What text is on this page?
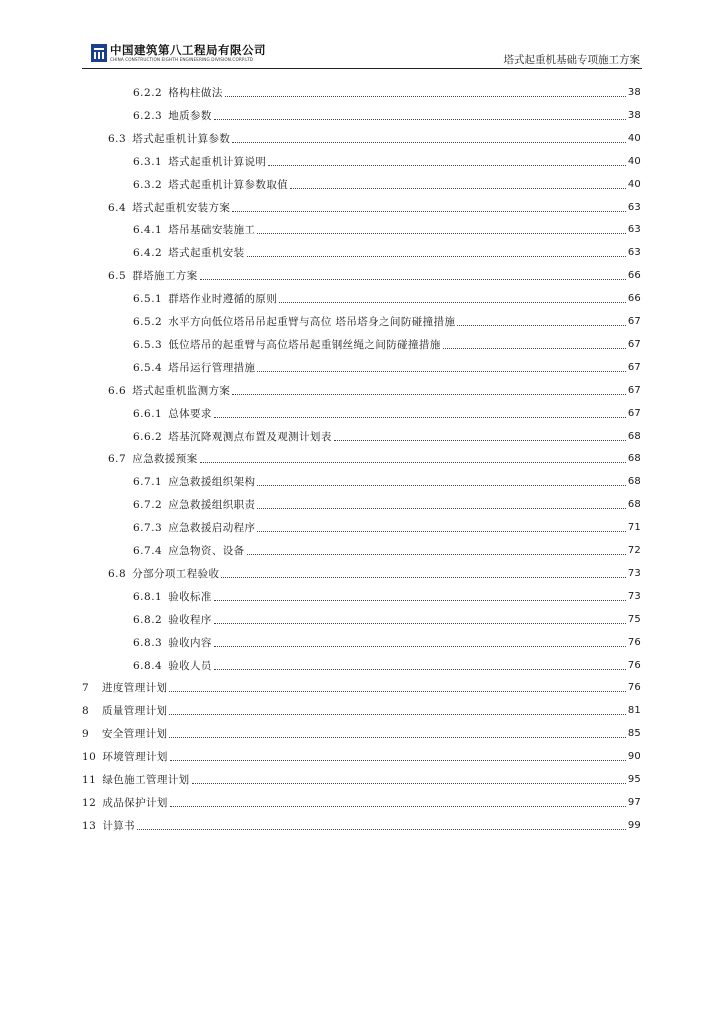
中国建筑第八工程局有限公司
CHINA CONSTRUCTION EIGHTH ENGINEERING DIVISION.CORP.LTD	塔式起重机基础专项施工方案
6.2.2 格构柱做法	38
6.2.3 地质参数	38
6.3 塔式起重机计算参数	40
6.3.1 塔式起重机计算说明	40
6.3.2 塔式起重机计算参数取值	40
6.4 塔式起重机安装方案	63
6.4.1 塔吊基础安装施工	63
6.4.2 塔式起重机安装	63
6.5 群塔施工方案	66
6.5.1 群塔作业时遵循的原则	66
6.5.2 水平方向低位塔吊吊起重臂与高位 塔吊塔身之间防碰撞措施	67
6.5.3 低位塔吊的起重臂与高位塔吊起重钢丝绳之间防碰撞措施	67
6.5.4 塔吊运行管理措施	67
6.6 塔式起重机监测方案	67
6.6.1 总体要求	67
6.6.2 塔基沉降观测点布置及观测计划表	68
6.7 应急救援预案	68
6.7.1 应急救援组织架构	68
6.7.2 应急救援组织职责	68
6.7.3 应急救援启动程序	71
6.7.4 应急物资、设备	72
6.8 分部分项工程验收	73
6.8.1 验收标准	73
6.8.2 验收程序	75
6.8.3 验收内容	76
6.8.4 验收人员	76
7	进度管理计划	76
8	质量管理计划	81
9	安全管理计划	85
10 环境管理计划	90
11 绿色施工管理计划	95
12 成品保护计划	97
13 计算书	99
